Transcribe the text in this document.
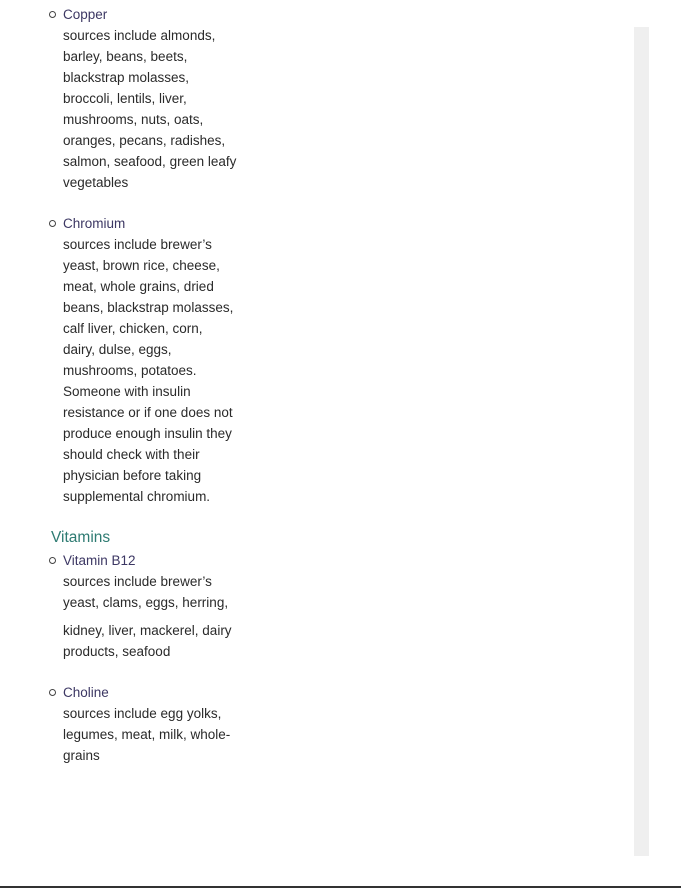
Copper
sources include almonds, barley, beans, beets, blackstrap molasses, broccoli, lentils, liver, mushrooms, nuts, oats, oranges, pecans, radishes, salmon, seafood, green leafy vegetables
Chromium
sources include brewer’s yeast, brown rice, cheese, meat, whole grains, dried beans, blackstrap molasses, calf liver, chicken, corn, dairy, dulse, eggs, mushrooms, potatoes. Someone with insulin resistance or if one does not produce enough insulin they should check with their physician before taking supplemental chromium.
Vitamins
Vitamin B12
sources include brewer’s yeast, clams, eggs, herring,
kidney, liver, mackerel, dairy products, seafood
Choline
sources include egg yolks, legumes, meat, milk, whole-grains
